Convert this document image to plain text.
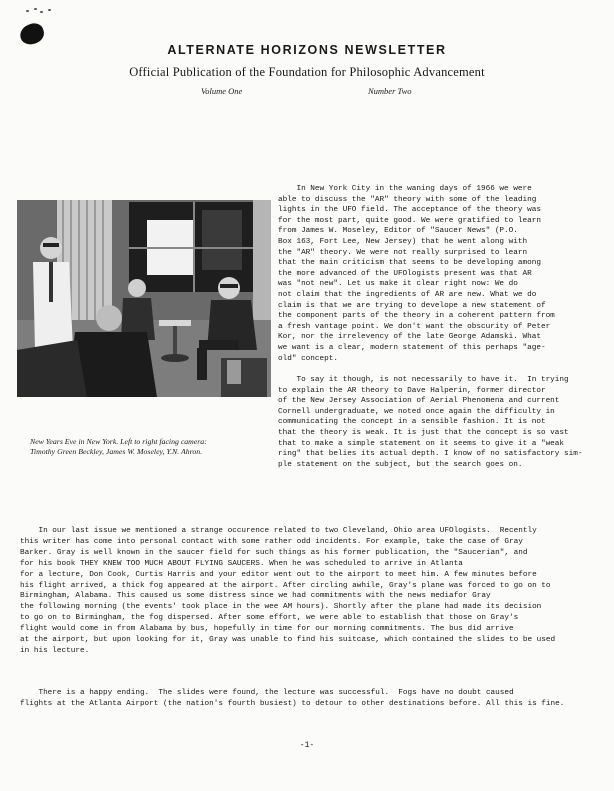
ALTERNATE HORIZONS NEWSLETTER
Official Publication of the Foundation for Philosophic Advancement
Volume One	Number Two
New Years Eve in New York. Left to right facing camera:
Timothy Green Beckley, James W. Moseley, Y.N. Ahron.
In New York City in the waning days of 1966 we were
able to discuss the "AR" theory with some of the leading
lights in the UFO field. The acceptance of the theory was
for the most part, quite good. We were gratified to learn
from James W. Moseley, Editor of "Saucer News" (P.O.
Box 163, Fort Lee, New Jersey) that he went along with
the "AR" theory. We were not really surprised to learn
that the main criticism that seems to be developing among
the more advanced of the UFOlogists present was that AR
was "not new". Let us make it clear right now: We do
not claim that the ingredients of AR are new. What we do
claim is that we are trying to develope a new statement of
the component parts of the theory in a coherent pattern from
a fresh vantage point. We don't want the obscurity of Peter
Kor, nor the irrelevency of the late George Adamski. What
we want is a clear, modern statement of this perhaps "age-
old" concept.
To say it though, is not necessarily to have it.  In trying
to explain the AR theory to Dave Halperin, former director
of the New Jersey Association of Aerial Phenomena and current
Cornell undergraduate, we noted once again the difficulty in
communicating the concept in a sensible fashion. It is not
that the theory is weak. It is just that the concept is so vast
that to make a simple statement on it seems to give it a "weak
ring" that belies its actual depth. I know of no satisfactory sim-
ple statement on the subject, but the search goes on.
In our last issue we mentioned a strange occurence related to two Cleveland, Ohio area UFOlogists.  Recently
this writer has come into personal contact with some rather odd incidents. For example, take the case of Gray
Barker. Gray is well known in the saucer field for such things as his former publication, the "Saucerian", and
for his book THEY KNEW TOO MUCH ABOUT FLYING SAUCERS. When he was scheduled to arrive in Atlanta
for a lecture, Don Cook, Curtis Harris and your editor went out to the airport to meet him. A few minutes before
his flight arrived, a thick fog appeared at the airport. After circling awhile, Gray's plane was forced to go on to
Birmingham, Alabama. This caused us some distress since we had commitments with the news mediafor Gray
the following morning (the events' took place in the wee AM hours). Shortly after the plane had made its decision
to go on to Birmingham, the fog dispersed. After some effort, we were able to establish that those on Gray's
flight would come in from Alabama by bus, hopefully in time for our morning commitments. The bus did arrive
at the airport, but upon looking for it, Gray was unable to find his suitcase, which contained the slides to be used
in his lecture.
There is a happy ending.  The slides were found, the lecture was successful.  Fogs have no doubt caused
flights at the Atlanta Airport (the nation's fourth busiest) to detour to other destinations before. All this is fine.
-1-
